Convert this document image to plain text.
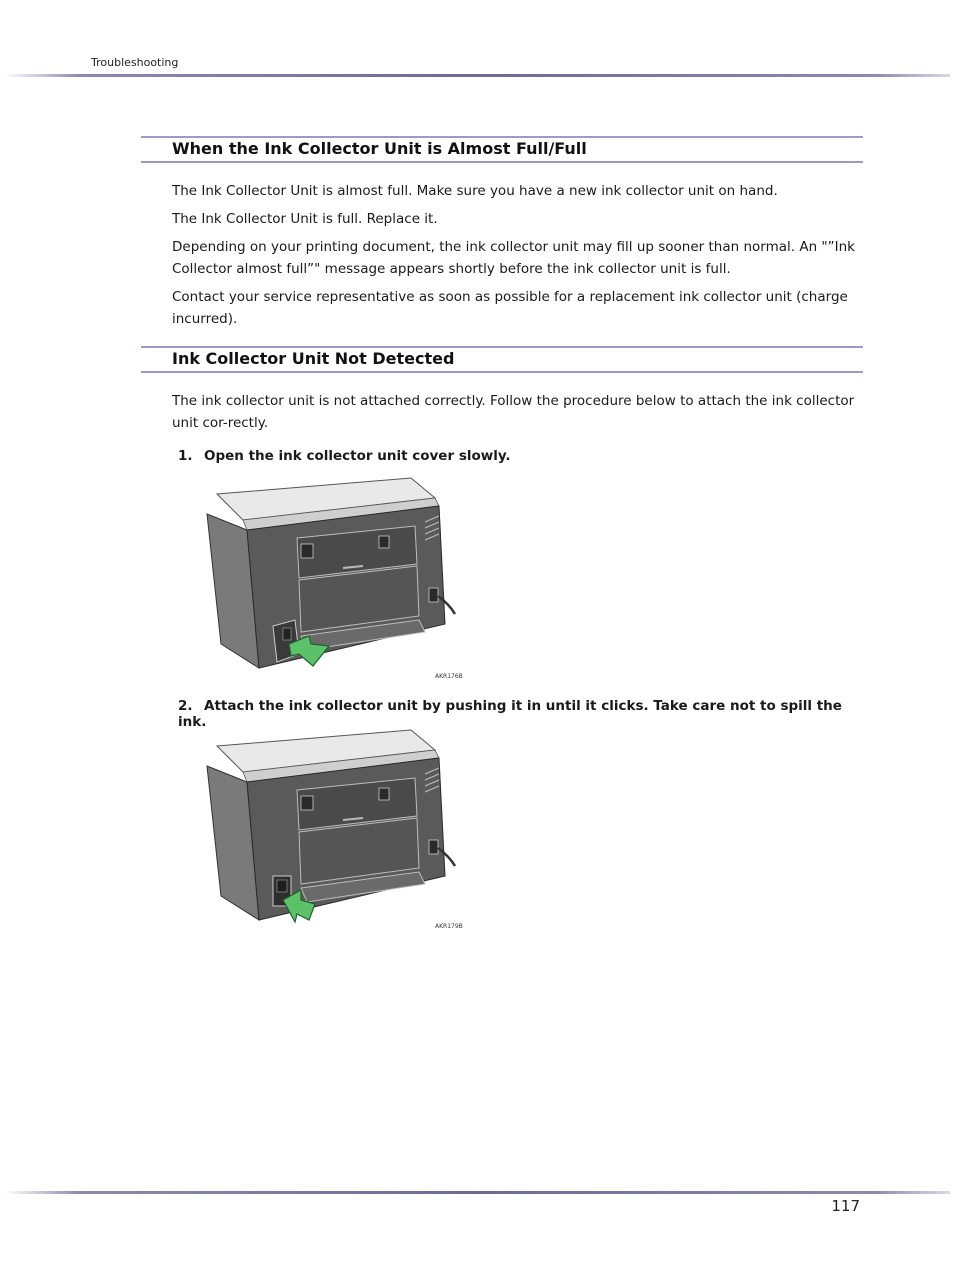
Troubleshooting
When the Ink Collector Unit is Almost Full/Full

The Ink Collector Unit is almost full. Make sure you have a new ink collector unit on hand.

The Ink Collector Unit is full. Replace it.

Depending on your printing document, the ink collector unit may fill up sooner than normal. An "”Ink Collector almost full”" message appears shortly before the ink collector unit is full.

Contact your service representative as soon as possible for a replacement ink collector unit (charge incurred).

Ink Collector Unit Not Detected

The ink collector unit is not attached correctly. Follow the procedure below to attach the ink collector unit cor-rectly.

1. Open the ink collector unit cover slowly.
AKR176B
2. Attach the ink collector unit by pushing it in until it clicks. Take care not to spill the ink.
AKR179B
117
